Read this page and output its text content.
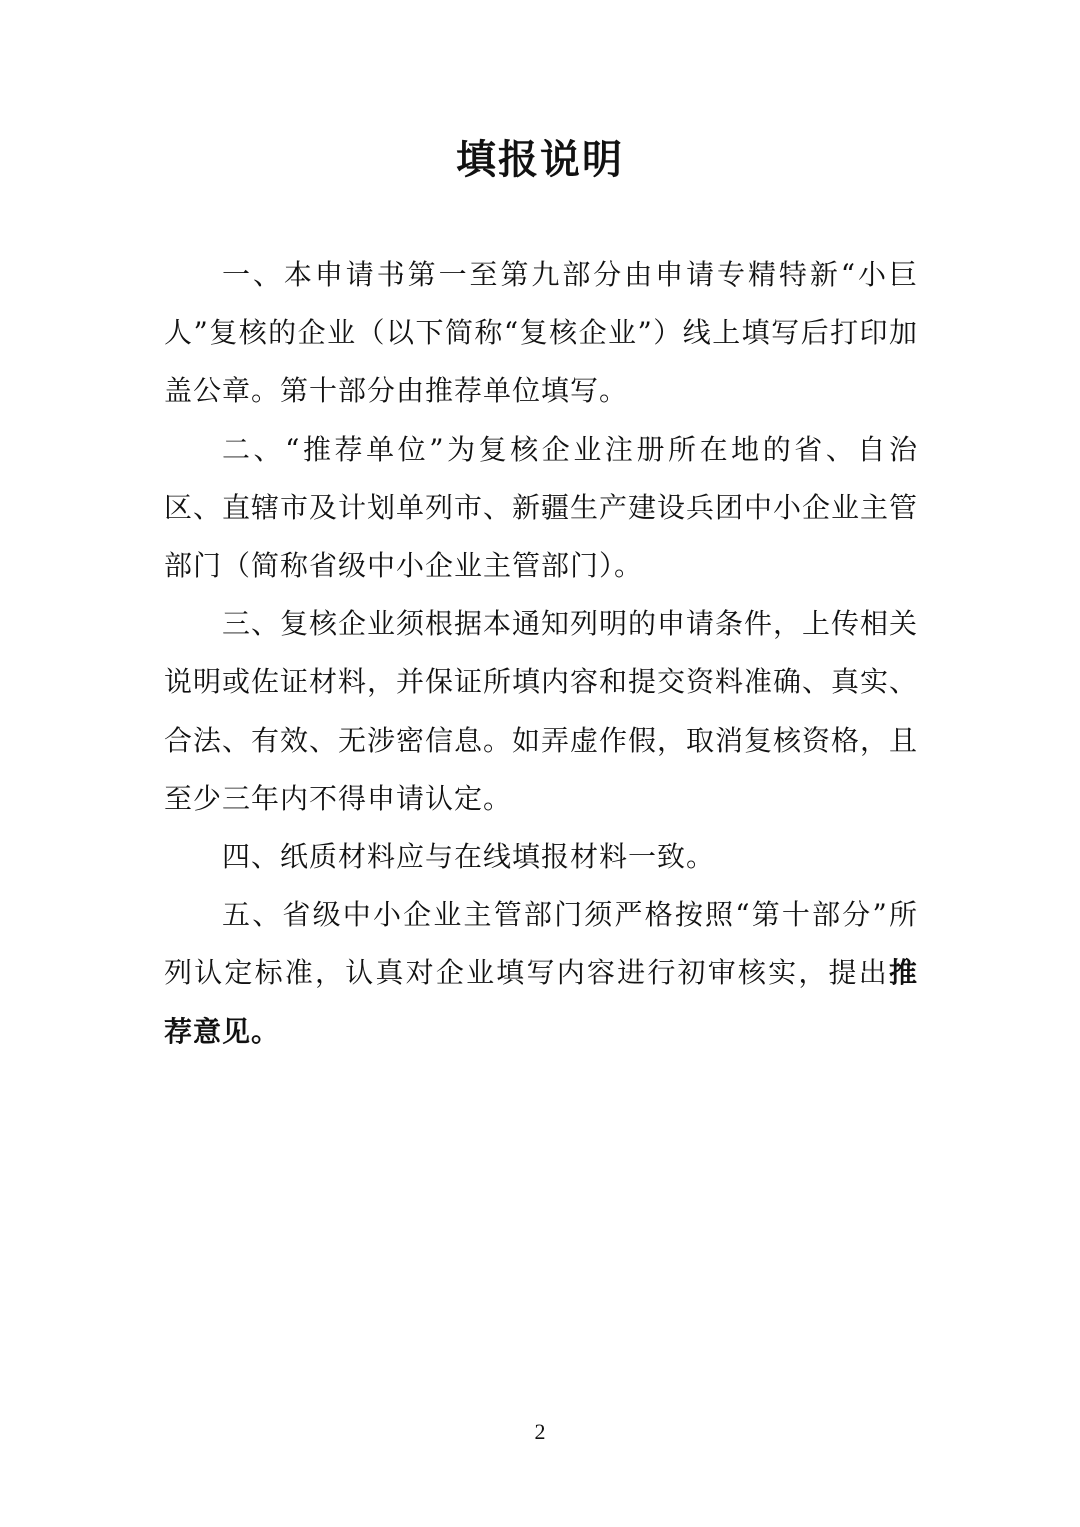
填报说明

一、本申请书第一至第九部分由申请专精特新“小巨人”复核的企业（以下简称“复核企业”）线上填写后打印加盖公章。第十部分由推荐单位填写。

二、“推荐单位”为复核企业注册所在地的省、自治区、直辖市及计划单列市、新疆生产建设兵团中小企业主管部门（简称省级中小企业主管部门）。

三、复核企业须根据本通知列明的申请条件，上传相关说明或佐证材料，并保证所填内容和提交资料准确、真实、合法、有效、无涉密信息。如弄虚作假，取消复核资格，且至少三年内不得申请认定。

四、纸质材料应与在线填报材料一致。

五、省级中小企业主管部门须严格按照“第十部分”所列认定标准，认真对企业填写内容进行初审核实，提出推荐意见。

2
